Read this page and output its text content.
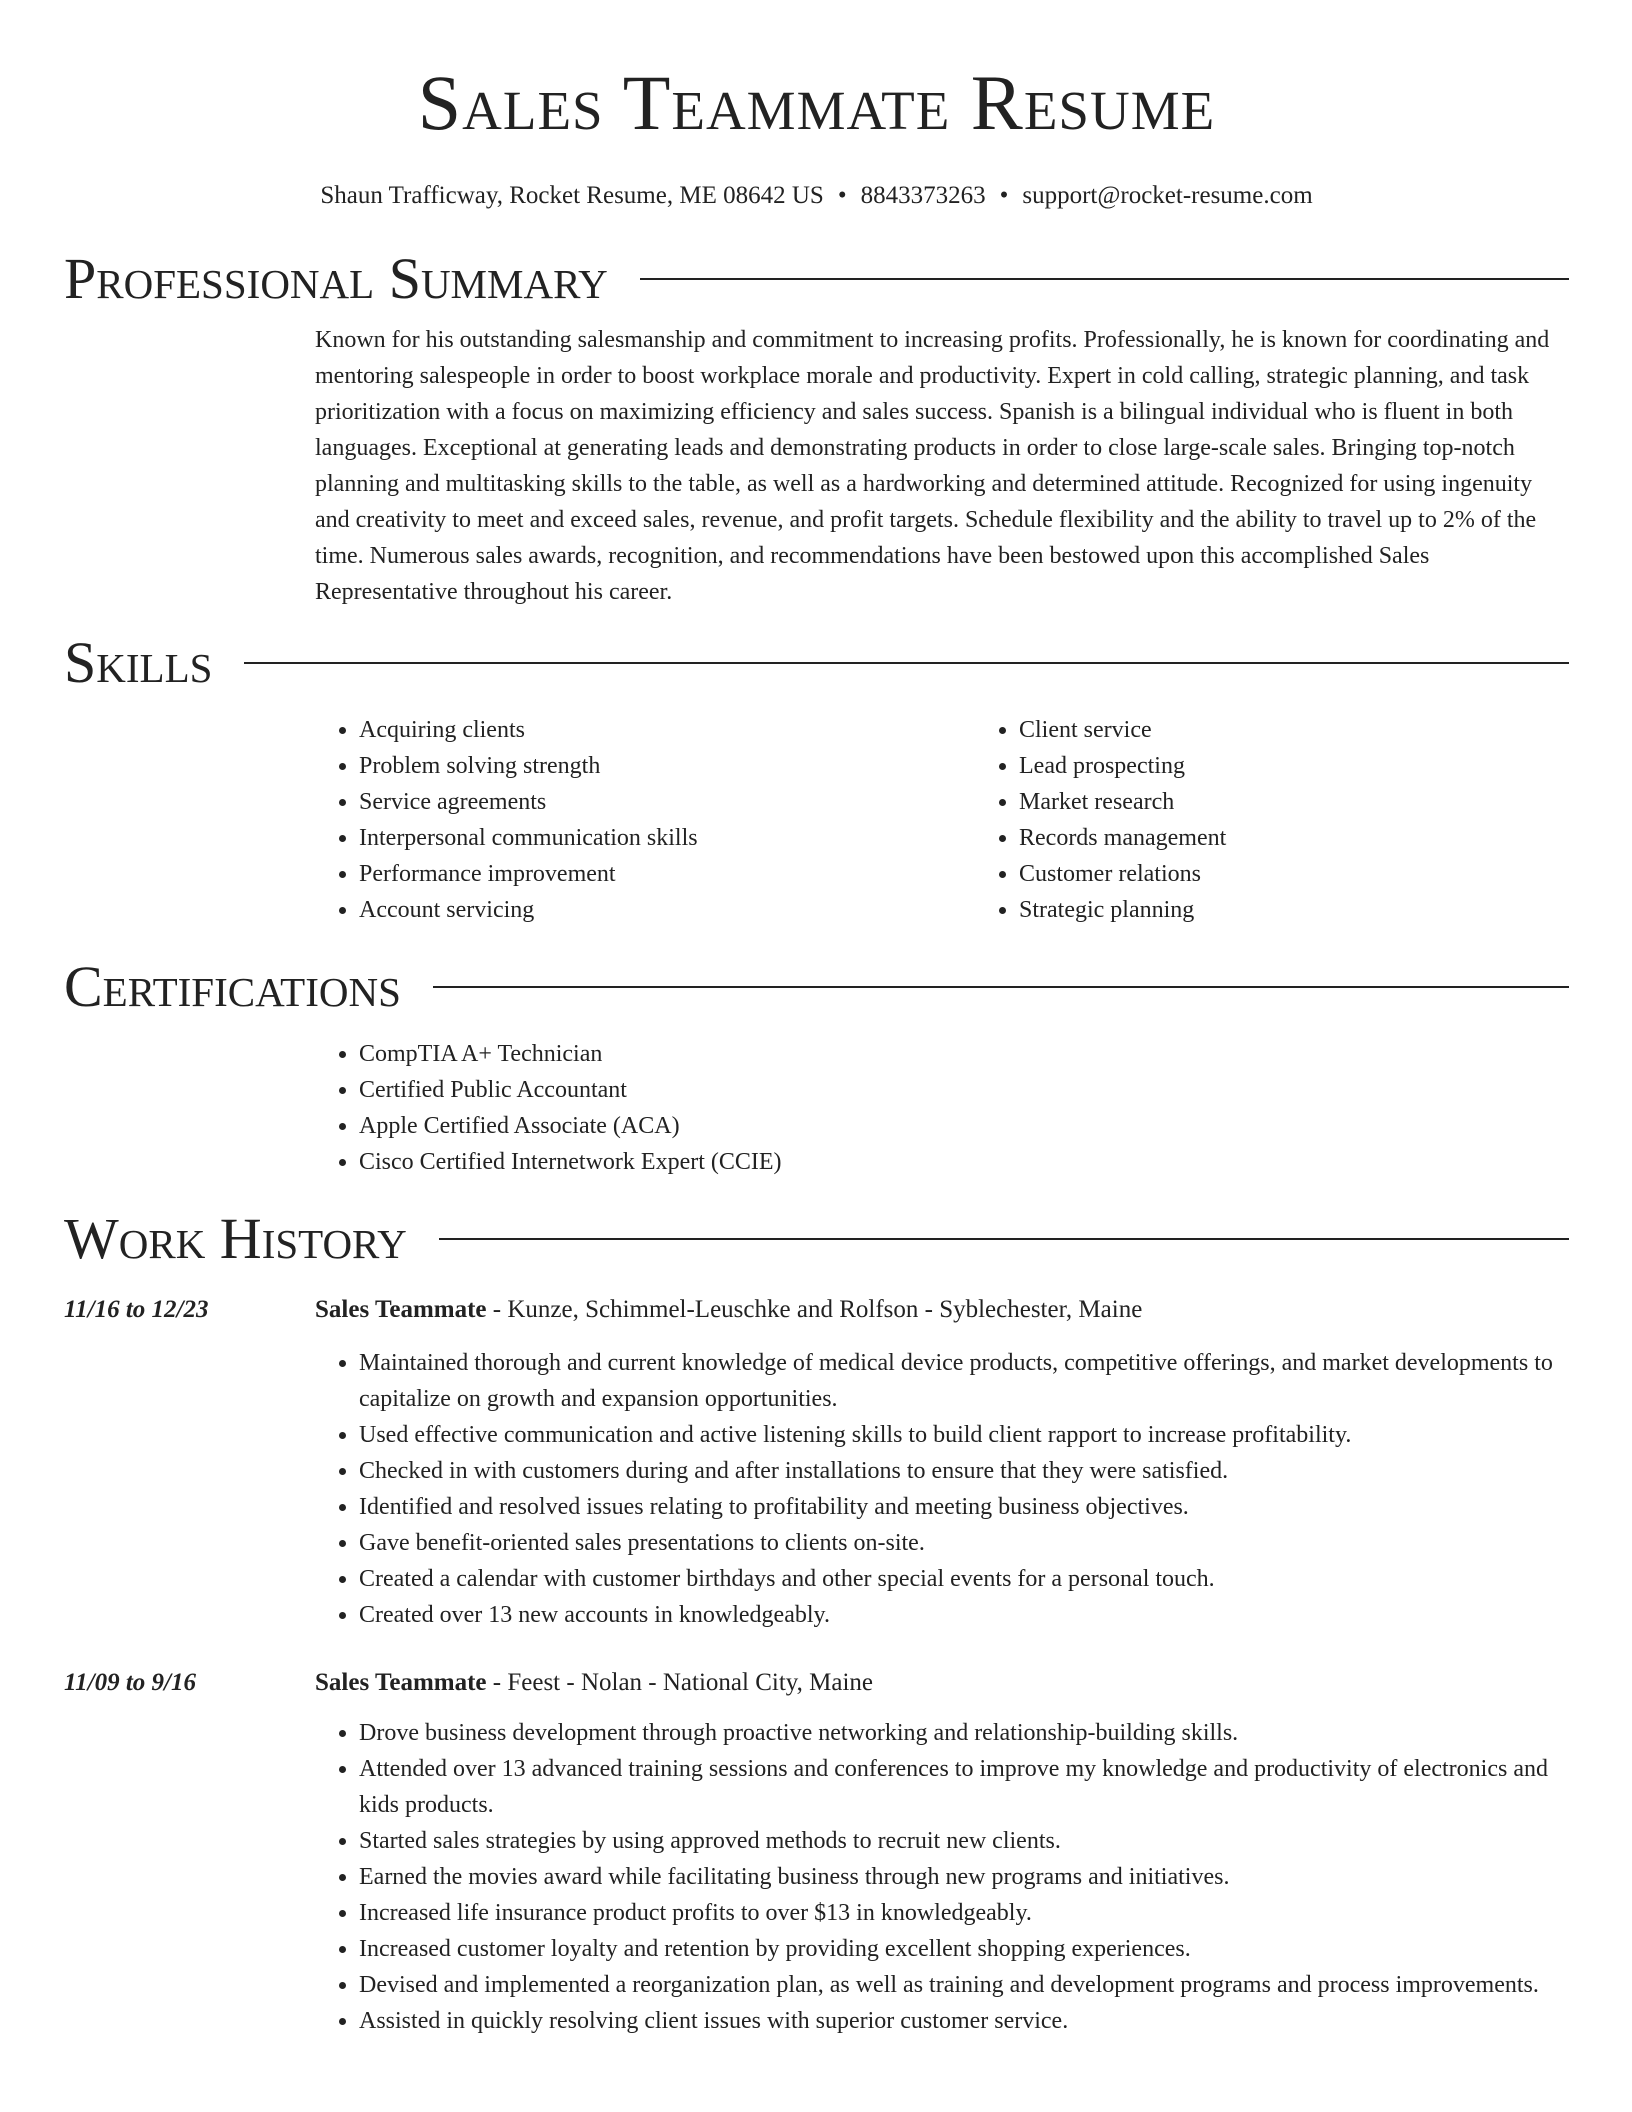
Sales Teammate Resume
Shaun Trafficway, Rocket Resume, ME 08642 US • 8843373263 • support@rocket-resume.com
Professional Summary

Known for his outstanding salesmanship and commitment to increasing profits. Professionally, he is known for coordinating and mentoring salespeople in order to boost workplace morale and productivity. Expert in cold calling, strategic planning, and task prioritization with a focus on maximizing efficiency and sales success. Spanish is a bilingual individual who is fluent in both languages. Exceptional at generating leads and demonstrating products in order to close large-scale sales. Bringing top-notch planning and multitasking skills to the table, as well as a hardworking and determined attitude. Recognized for using ingenuity and creativity to meet and exceed sales, revenue, and profit targets. Schedule flexibility and the ability to travel up to 2% of the time. Numerous sales awards, recognition, and recommendations have been bestowed upon this accomplished Sales Representative throughout his career.

Skills
• Acquiring clients
• Problem solving strength
• Service agreements
• Interpersonal communication skills
• Performance improvement
• Account servicing
• Client service
• Lead prospecting
• Market research
• Records management
• Customer relations
• Strategic planning
Certifications
• CompTIA A+ Technician
• Certified Public Accountant
• Apple Certified Associate (ACA)
• Cisco Certified Internetwork Expert (CCIE)
Work History
11/16 to 12/23	Sales Teammate - Kunze, Schimmel-Leuschke and Rolfson - Syblechester, Maine
• Maintained thorough and current knowledge of medical device products, competitive offerings, and market developments to capitalize on growth and expansion opportunities.
• Used effective communication and active listening skills to build client rapport to increase profitability.
• Checked in with customers during and after installations to ensure that they were satisfied.
• Identified and resolved issues relating to profitability and meeting business objectives.
• Gave benefit-oriented sales presentations to clients on-site.
• Created a calendar with customer birthdays and other special events for a personal touch.
• Created over 13 new accounts in knowledgeably.
11/09 to 9/16	Sales Teammate - Feest - Nolan - National City, Maine
• Drove business development through proactive networking and relationship-building skills.
• Attended over 13 advanced training sessions and conferences to improve my knowledge and productivity of electronics and kids products.
• Started sales strategies by using approved methods to recruit new clients.
• Earned the movies award while facilitating business through new programs and initiatives.
• Increased life insurance product profits to over $13 in knowledgeably.
• Increased customer loyalty and retention by providing excellent shopping experiences.
• Devised and implemented a reorganization plan, as well as training and development programs and process improvements.
• Assisted in quickly resolving client issues with superior customer service.
